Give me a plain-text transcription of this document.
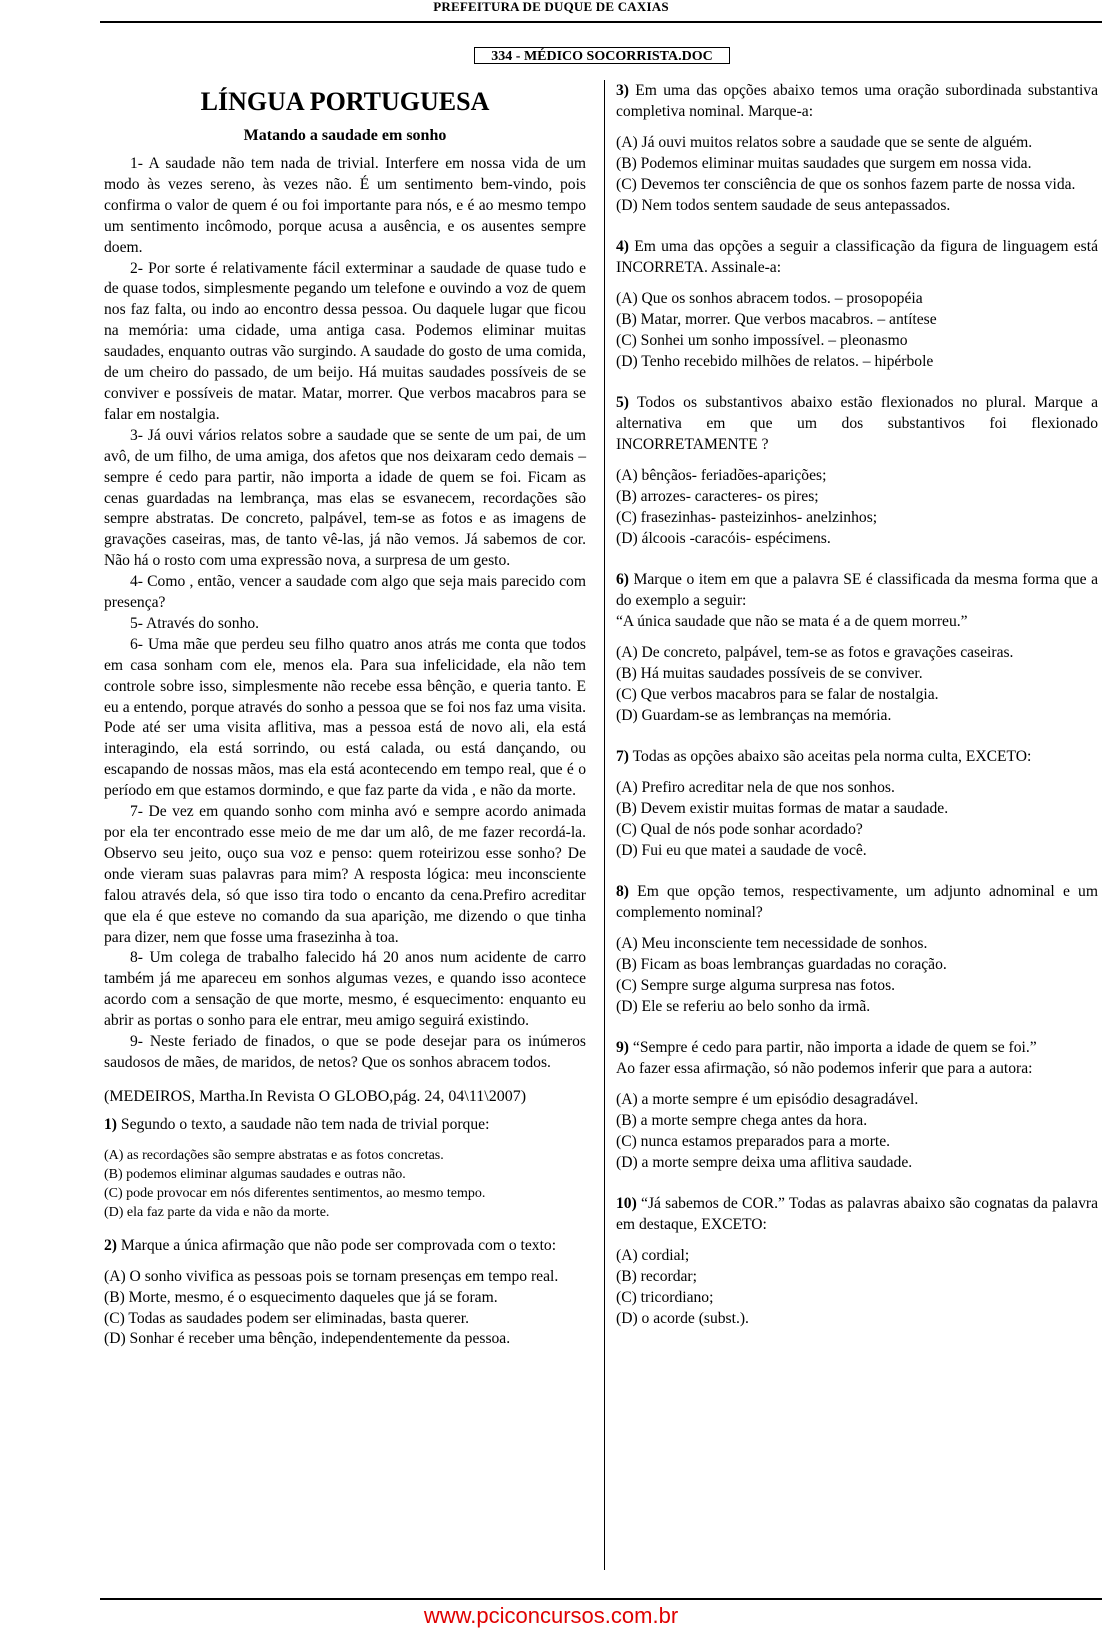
PREFEITURA DE DUQUE DE CAXIAS
334 - MÉDICO SOCORRISTA.DOC
LÍNGUA PORTUGUESA
Matando a saudade em sonho

1- A saudade não tem nada de trivial. Interfere em nossa vida de um modo às vezes sereno, às vezes não. É um sentimento bem-vindo, pois confirma o valor de quem é ou foi importante para nós, e é ao mesmo tempo um sentimento incômodo, porque acusa a ausência, e os ausentes sempre doem.

2- Por sorte é relativamente fácil exterminar a saudade de quase tudo e de quase todos, simplesmente pegando um telefone e ouvindo a voz de quem nos faz falta, ou indo ao encontro dessa pessoa. Ou daquele lugar que ficou na memória: uma cidade, uma antiga casa. Podemos eliminar muitas saudades, enquanto outras vão surgindo. A saudade do gosto de uma comida, de um cheiro do passado, de um beijo. Há muitas saudades possíveis de se conviver e possíveis de matar. Matar, morrer. Que verbos macabros para se falar em nostalgia.

3- Já ouvi vários relatos sobre a saudade que se sente de um pai, de um avô, de um filho, de uma amiga, dos afetos que nos deixaram cedo demais – sempre é cedo para partir, não importa a idade de quem se foi. Ficam as cenas guardadas na lembrança, mas elas se esvanecem, recordações são sempre abstratas. De concreto, palpável, tem-se as fotos e as imagens de gravações caseiras, mas, de tanto vê-las, já não vemos. Já sabemos de cor. Não há o rosto com uma expressão nova, a surpresa de um gesto.

4- Como , então, vencer a saudade com algo que seja mais parecido com presença?

5- Através do sonho.

6- Uma mãe que perdeu seu filho quatro anos atrás me conta que todos em casa sonham com ele, menos ela. Para sua infelicidade, ela não tem controle sobre isso, simplesmente não recebe essa bênção, e queria tanto. E eu a entendo, porque através do sonho a pessoa que se foi nos faz uma visita. Pode até ser uma visita aflitiva, mas a pessoa está de novo ali, ela está interagindo, ela está sorrindo, ou está calada, ou está dançando, ou escapando de nossas mãos, mas ela está acontecendo em tempo real, que é o período em que estamos dormindo, e que faz parte da vida , e não da morte.

7- De vez em quando sonho com minha avó e sempre acordo animada por ela ter encontrado esse meio de me dar um alô, de me fazer recordá-la. Observo seu jeito, ouço sua voz e penso: quem roteirizou esse sonho? De onde vieram suas palavras para mim? A resposta lógica: meu inconsciente falou através dela, só que isso tira todo o encanto da cena.Prefiro acreditar que ela é que esteve no comando da sua aparição, me dizendo o que tinha para dizer, nem que fosse uma frasezinha à toa.

8- Um colega de trabalho falecido há 20 anos num acidente de carro também já me apareceu em sonhos algumas vezes, e quando isso acontece acordo com a sensação de que morte, mesmo, é esquecimento: enquanto eu abrir as portas o sonho para ele entrar, meu amigo seguirá existindo.

9- Neste feriado de finados, o que se pode desejar para os inúmeros saudosos de mães, de maridos, de netos? Que os sonhos abracem todos.

(MEDEIROS, Martha.In Revista O GLOBO,pág. 24, 04\11\2007)

1) Segundo o texto, a saudade não tem nada de trivial porque:

(A) as recordações são sempre abstratas e as fotos concretas.
(B) podemos eliminar algumas saudades e outras não.
(C) pode provocar em nós diferentes sentimentos, ao mesmo tempo.
(D) ela faz parte da vida e não da morte.

2) Marque a única afirmação que não pode ser comprovada com o texto:

(A) O sonho vivifica as pessoas pois se tornam presenças em tempo real.
(B) Morte, mesmo, é o esquecimento daqueles que já se foram.
(C) Todas as saudades podem ser eliminadas, basta querer.
(D) Sonhar é receber uma bênção, independentemente da pessoa.

3) Em uma das opções abaixo temos uma oração subordinada substantiva completiva nominal. Marque-a:

(A) Já ouvi muitos relatos sobre a saudade que se sente de alguém.
(B) Podemos eliminar muitas saudades que surgem em nossa vida.
(C) Devemos ter consciência de que os sonhos fazem parte de nossa vida.
(D) Nem todos sentem saudade de seus antepassados.

4) Em uma das opções a seguir a classificação da figura de linguagem está INCORRETA. Assinale-a:

(A) Que os sonhos abracem todos. – prosopopéia
(B) Matar, morrer. Que verbos macabros. – antítese
(C) Sonhei um sonho impossível. – pleonasmo
(D) Tenho recebido milhões de relatos. – hipérbole

5) Todos os substantivos abaixo estão flexionados no plural. Marque a alternativa em que um dos substantivos foi flexionado INCORRETAMENTE ?

(A) bênçãos- feriadões-aparições;
(B) arrozes- caracteres- os pires;
(C) frasezinhas- pasteizinhos- anelzinhos;
(D) álcoois -caracóis- espécimens.

6) Marque o item em que a palavra SE é classificada da mesma forma que a do exemplo a seguir:

“A única saudade que não se mata é a de quem morreu.”

(A) De concreto, palpável, tem-se as fotos e gravações caseiras.
(B) Há muitas saudades possíveis de se conviver.
(C) Que verbos macabros para se falar de nostalgia.
(D) Guardam-se as lembranças na memória.

7) Todas as opções abaixo são aceitas pela norma culta, EXCETO:

(A) Prefiro acreditar nela de que nos sonhos.
(B) Devem existir muitas formas de matar a saudade.
(C) Qual de nós pode sonhar acordado?
(D) Fui eu que matei a saudade de você.

8) Em que opção temos, respectivamente, um adjunto adnominal e um complemento nominal?

(A) Meu inconsciente tem necessidade de sonhos.
(B) Ficam as boas lembranças guardadas no coração.
(C) Sempre surge alguma surpresa nas fotos.
(D) Ele se referiu ao belo sonho da irmã.

9) “Sempre é cedo para partir, não importa a idade de quem se foi.”

Ao fazer essa afirmação, só não podemos inferir que para a autora:

(A) a morte sempre é um episódio desagradável.
(B) a morte sempre chega antes da hora.
(C) nunca estamos preparados para a morte.
(D) a morte sempre deixa uma aflitiva saudade.

10) “Já sabemos de COR.” Todas as palavras abaixo são cognatas da palavra em destaque, EXCETO:

(A) cordial;
(B) recordar;
(C) tricordiano;
(D) o acorde (subst.).
www.pciconcursos.com.br
